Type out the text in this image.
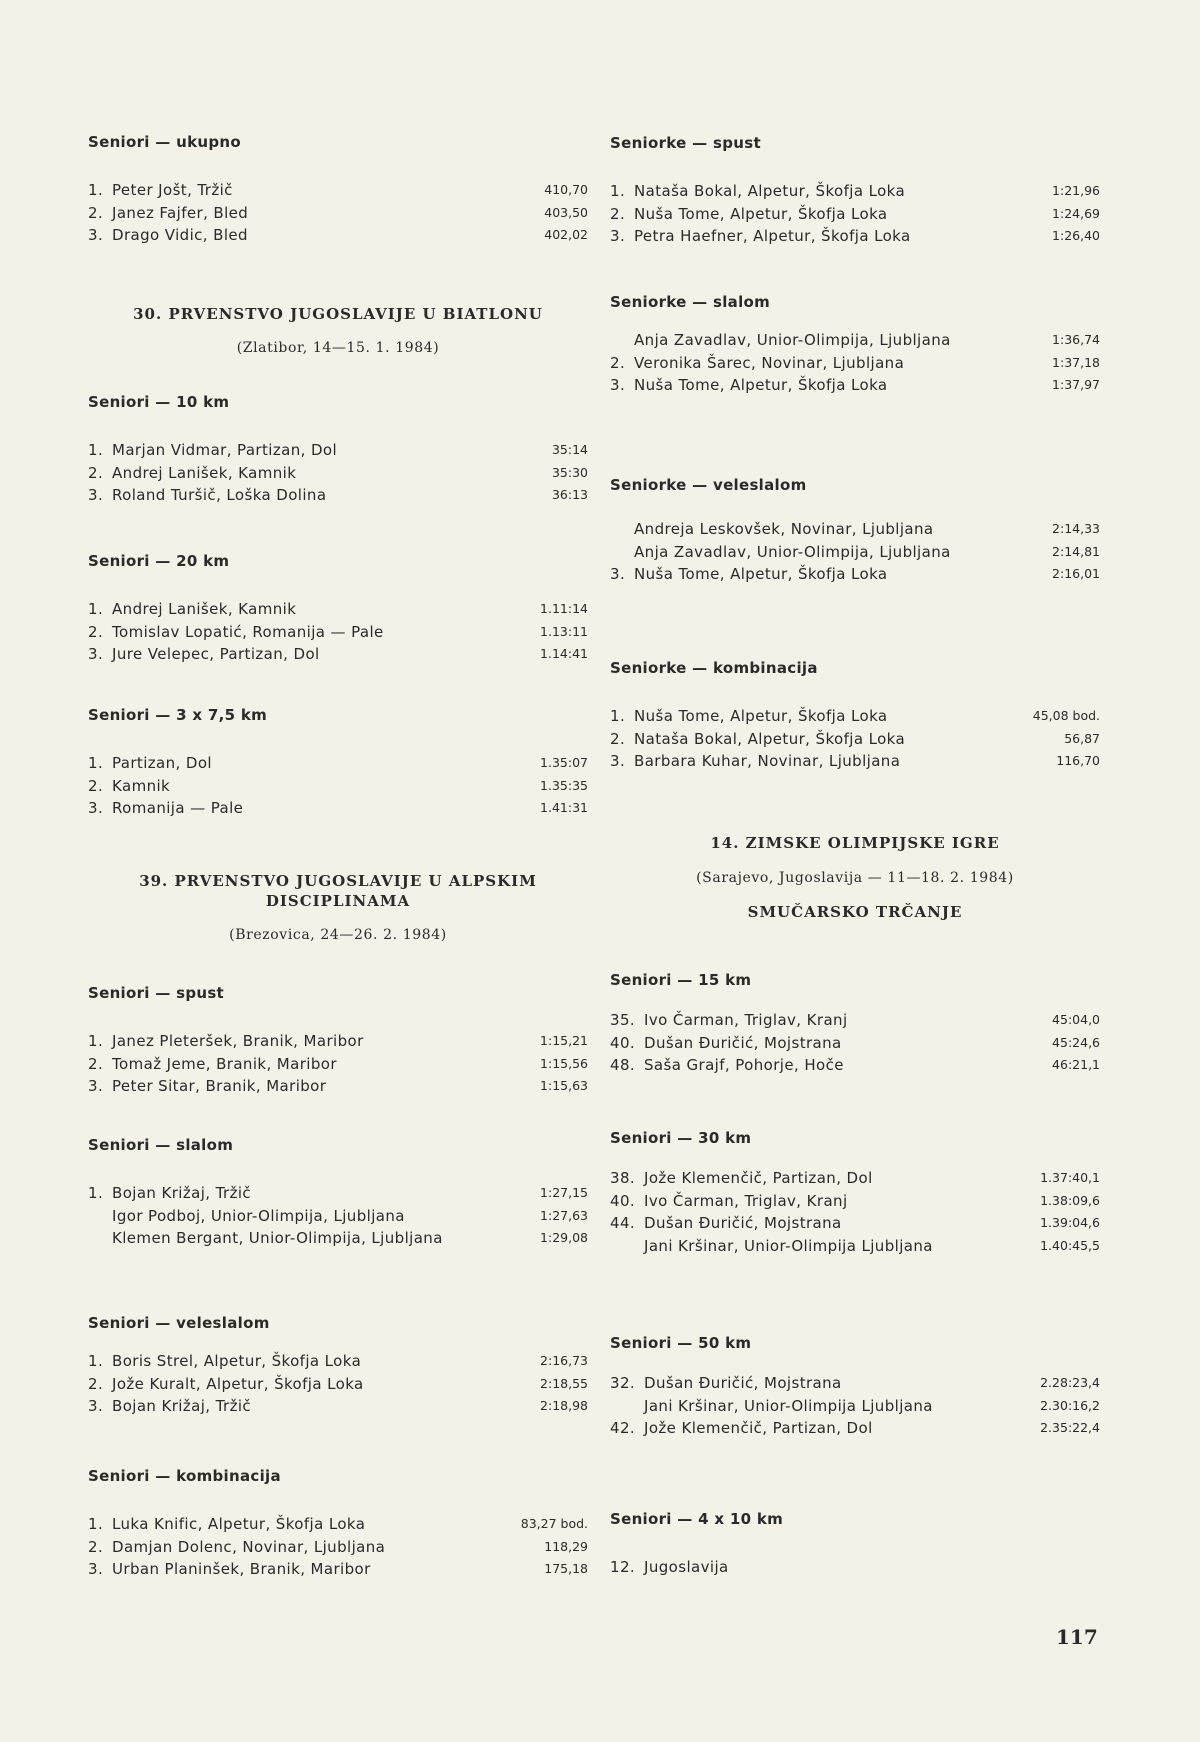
Seniori — ukupno
1. Peter Jošt, Tržič	410,70
2. Janez Fajfer, Bled	403,50
3. Drago Vidic, Bled	402,02
30. PRVENSTVO JUGOSLAVIJE U BIATLONU
(Zlatibor, 14—15. 1. 1984)
Seniori — 10 km
1. Marjan Vidmar, Partizan, Dol	35:14
2. Andrej Lanišek, Kamnik	35:30
3. Roland Turšič, Loška Dolina	36:13
Seniori — 20 km
1. Andrej Lanišek, Kamnik	1.11:14
2. Tomislav Lopatić, Romanija — Pale	1.13:11
3. Jure Velepec, Partizan, Dol	1.14:41
Seniori — 3 x 7,5 km
1. Partizan, Dol	1.35:07
2. Kamnik	1.35:35
3. Romanija — Pale	1.41:31
39. PRVENSTVO JUGOSLAVIJE U ALPSKIM
DISCIPLINAMA
(Brezovica, 24—26. 2. 1984)
Seniori — spust
1. Janez Pleteršek, Branik, Maribor	1:15,21
2. Tomaž Jeme, Branik, Maribor	1:15,56
3. Peter Sitar, Branik, Maribor	1:15,63
Seniori — slalom
1. Bojan Križaj, Tržič	1:27,15
Igor Podboj, Unior-Olimpija, Ljubljana	1:27,63
Klemen Bergant, Unior-Olimpija, Ljubljana	1:29,08
Seniori — veleslalom
1. Boris Strel, Alpetur, Škofja Loka	2:16,73
2. Jože Kuralt, Alpetur, Škofja Loka	2:18,55
3. Bojan Križaj, Tržič	2:18,98
Seniori — kombinacija
1. Luka Knific, Alpetur, Škofja Loka	83,27 bod.
2. Damjan Dolenc, Novinar, Ljubljana	118,29
3. Urban Planinšek, Branik, Maribor	175,18
Seniorke — spust
1. Nataša Bokal, Alpetur, Škofja Loka	1:21,96
2. Nuša Tome, Alpetur, Škofja Loka	1:24,69
3. Petra Haefner, Alpetur, Škofja Loka	1:26,40
Seniorke — slalom
Anja Zavadlav, Unior-Olimpija, Ljubljana	1:36,74
2. Veronika Šarec, Novinar, Ljubljana	1:37,18
3. Nuša Tome, Alpetur, Škofja Loka	1:37,97
Seniorke — veleslalom
Andreja Leskovšek, Novinar, Ljubljana	2:14,33
Anja Zavadlav, Unior-Olimpija, Ljubljana	2:14,81
3. Nuša Tome, Alpetur, Škofja Loka	2:16,01
Seniorke — kombinacija
1. Nuša Tome, Alpetur, Škofja Loka	45,08 bod.
2. Nataša Bokal, Alpetur, Škofja Loka	56,87
3. Barbara Kuhar, Novinar, Ljubljana	116,70
14. ZIMSKE OLIMPIJSKE IGRE
(Sarajevo, Jugoslavija — 11—18. 2. 1984)
SMUČARSKO TRČANJE
Seniori — 15 km
35. Ivo Čarman, Triglav, Kranj	45:04,0
40. Dušan Đuričić, Mojstrana	45:24,6
48. Saša Grajf, Pohorje, Hoče	46:21,1
Seniori — 30 km
38. Jože Klemenčič, Partizan, Dol	1.37:40,1
40. Ivo Čarman, Triglav, Kranj	1.38:09,6
44. Dušan Đuričić, Mojstrana	1.39:04,6
Jani Kršinar, Unior-Olimpija Ljubljana	1.40:45,5
Seniori — 50 km
32. Dušan Đuričić, Mojstrana	2.28:23,4
Jani Kršinar, Unior-Olimpija Ljubljana	2.30:16,2
42. Jože Klemenčič, Partizan, Dol	2.35:22,4
Seniori — 4 x 10 km
12. Jugoslavija
117
